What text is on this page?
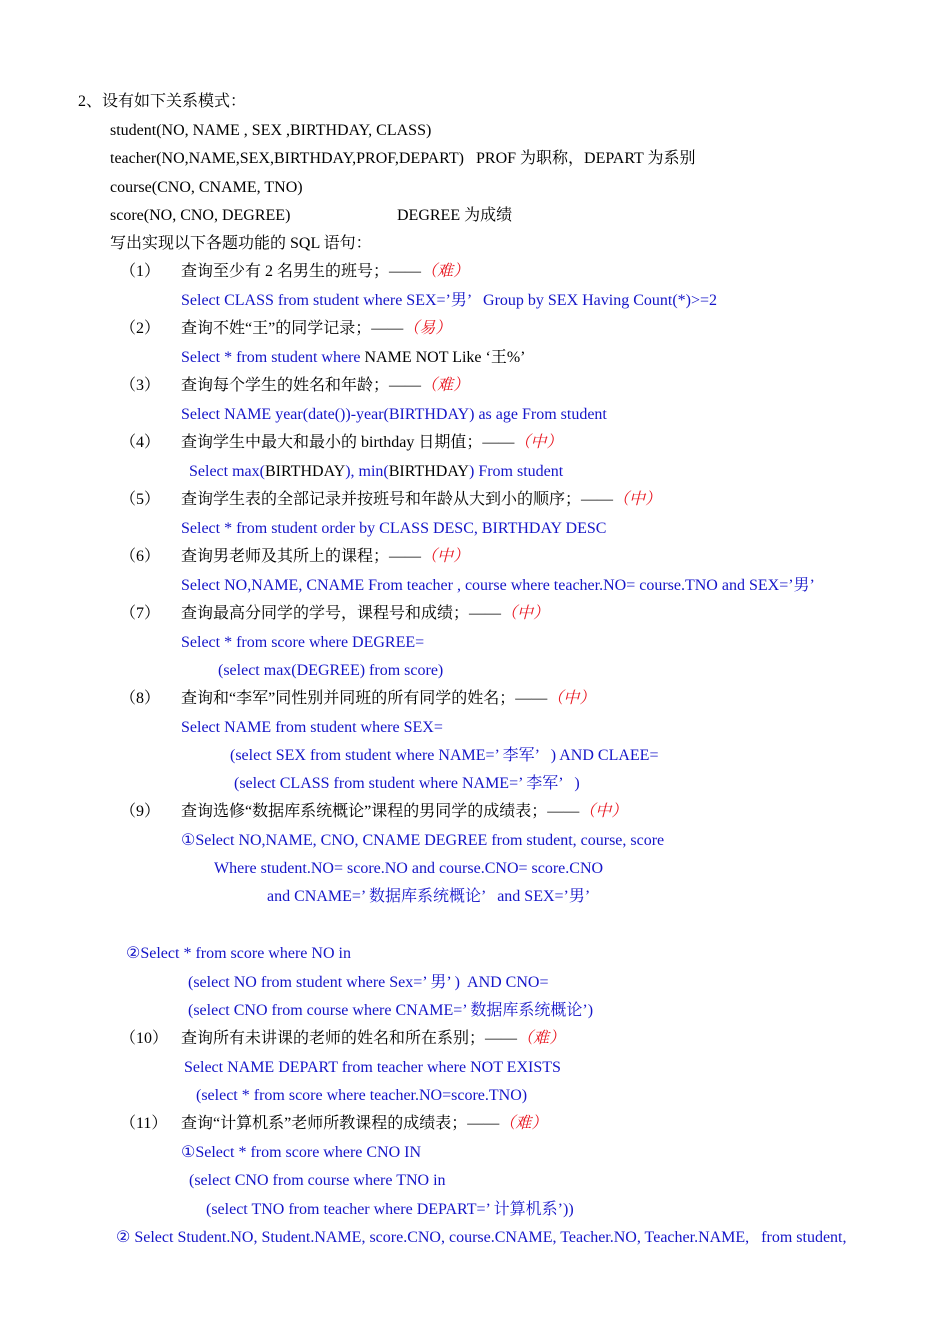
2、设有如下关系模式：
student(NO, NAME , SEX ,BIRTHDAY, CLASS)
teacher(NO,NAME,SEX,BIRTHDAY,PROF,DEPART)   PROF 为职称，DEPART 为系别
course(CNO, CNAME, TNO)
score(NO, CNO, DEGREE)	DEGREE 为成绩
写出实现以下各题功能的 SQL 语句：
（1） 查询至少有 2 名男生的班号；——（难）
Select CLASS from student where SEX=’男’   Group by SEX Having Count(*)>=2
（2） 查询不姓“王”的同学记录；——（易）
Select * from student where NAME NOT Like ‘王%’
（3） 查询每个学生的姓名和年龄；——（难）
Select NAME year(date())-year(BIRTHDAY) as age From student
（4） 查询学生中最大和最小的 birthday 日期值；——（中）
Select max(BIRTHDAY), min(BIRTHDAY) From student
（5） 查询学生表的全部记录并按班号和年龄从大到小的顺序；——（中）
Select * from student order by CLASS DESC, BIRTHDAY DESC
（6） 查询男老师及其所上的课程；——（中）
Select NO,NAME, CNAME From teacher , course where teacher.NO= course.TNO and SEX=’男’
（7） 查询最高分同学的学号，课程号和成绩；——（中）
Select * from score where DEGREE=
(select max(DEGREE) from score)
（8） 查询和“李军”同性别并同班的所有同学的姓名；——（中）
Select NAME from student where SEX=
(select SEX from student where NAME=’ 李军’   ) AND CLAEE=
(select CLASS from student where NAME=’ 李军’   )
（9） 查询选修“数据库系统概论”课程的男同学的成绩表；——（中）
①Select NO,NAME, CNO, CNAME DEGREE from student, course, score
Where student.NO= score.NO and course.CNO= score.CNO
and CNAME=’ 数据库系统概论’   and SEX=’男’
②Select * from score where NO in
(select NO from student where Sex=’ 男’ )  AND CNO=
(select CNO from course where CNAME=’ 数据库系统概论’)
（10） 查询所有未讲课的老师的姓名和所在系别；——（难）
Select NAME DEPART from teacher where NOT EXISTS
(select * from score where teacher.NO=score.TNO)
（11） 查询“计算机系”老师所教课程的成绩表；——（难）
①Select * from score where CNO IN
(select CNO from course where TNO in
(select TNO from teacher where DEPART=’ 计算机系’))
② Select Student.NO, Student.NAME, score.CNO, course.CNAME, Teacher.NO, Teacher.NAME,   from student,
